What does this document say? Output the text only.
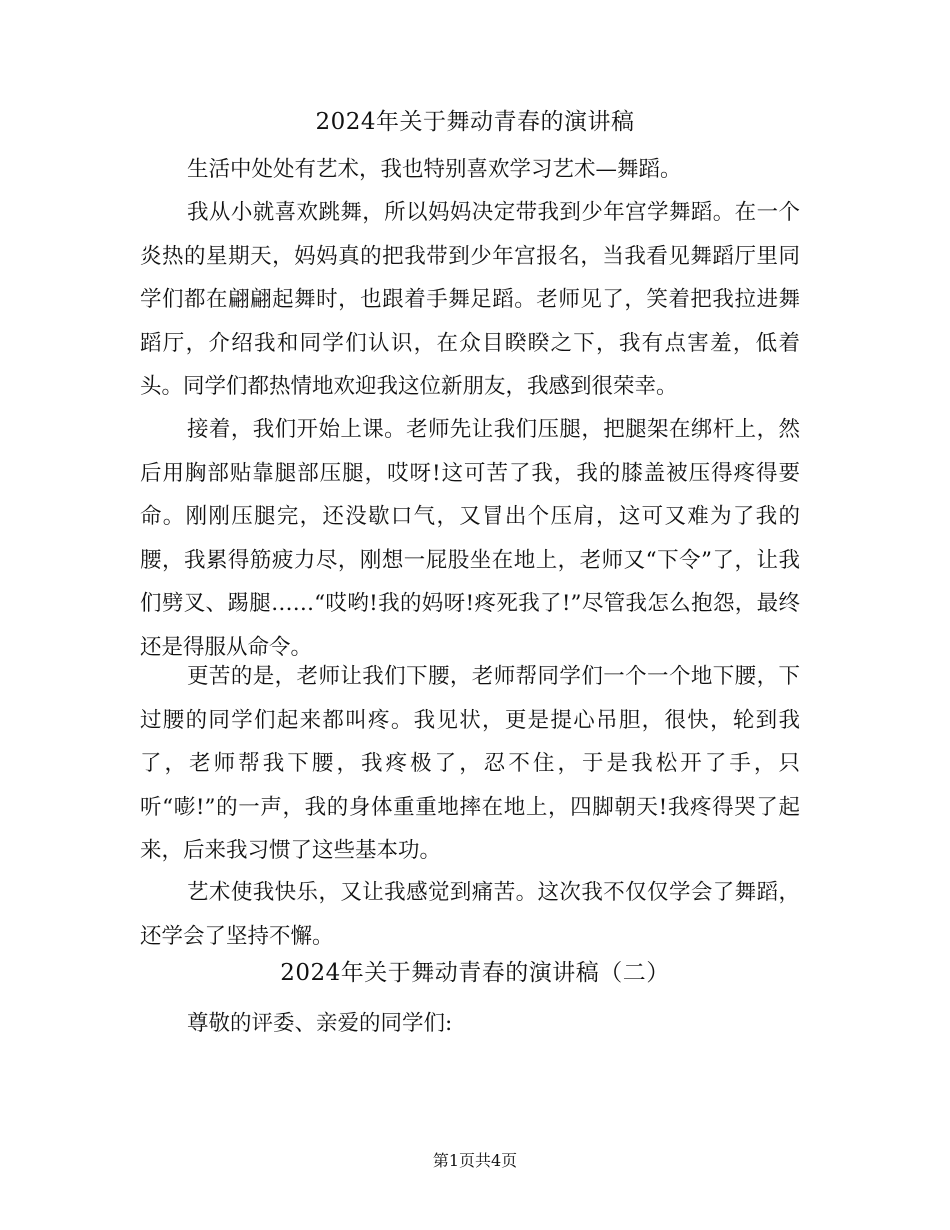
2024年关于舞动青春的演讲稿

生活中处处有艺术，我也特别喜欢学习艺术—舞蹈。

我从小就喜欢跳舞，所以妈妈决定带我到少年宫学舞蹈。在一个炎热的星期天，妈妈真的把我带到少年宫报名，当我看见舞蹈厅里同学们都在翩翩起舞时，也跟着手舞足蹈。老师见了，笑着把我拉进舞蹈厅，介绍我和同学们认识，在众目睽睽之下，我有点害羞，低着头。同学们都热情地欢迎我这位新朋友，我感到很荣幸。

接着，我们开始上课。老师先让我们压腿，把腿架在绑杆上，然后用胸部贴靠腿部压腿，哎呀!这可苦了我，我的膝盖被压得疼得要命。刚刚压腿完，还没歇口气，又冒出个压肩，这可又难为了我的腰，我累得筋疲力尽，刚想一屁股坐在地上，老师又“下令”了，让我们劈叉、踢腿……“哎哟!我的妈呀!疼死我了!”尽管我怎么抱怨，最终还是得服从命令。

更苦的是，老师让我们下腰，老师帮同学们一个一个地下腰，下过腰的同学们起来都叫疼。我见状，更是提心吊胆，很快，轮到我了，老师帮我下腰，我疼极了，忍不住，于是我松开了手，只听“嘭!”的一声，我的身体重重地摔在地上，四脚朝天!我疼得哭了起来，后来我习惯了这些基本功。

艺术使我快乐，又让我感觉到痛苦。这次我不仅仅学会了舞蹈，还学会了坚持不懈。

2024年关于舞动青春的演讲稿（二）

尊敬的评委、亲爱的同学们:

第1页共4页
